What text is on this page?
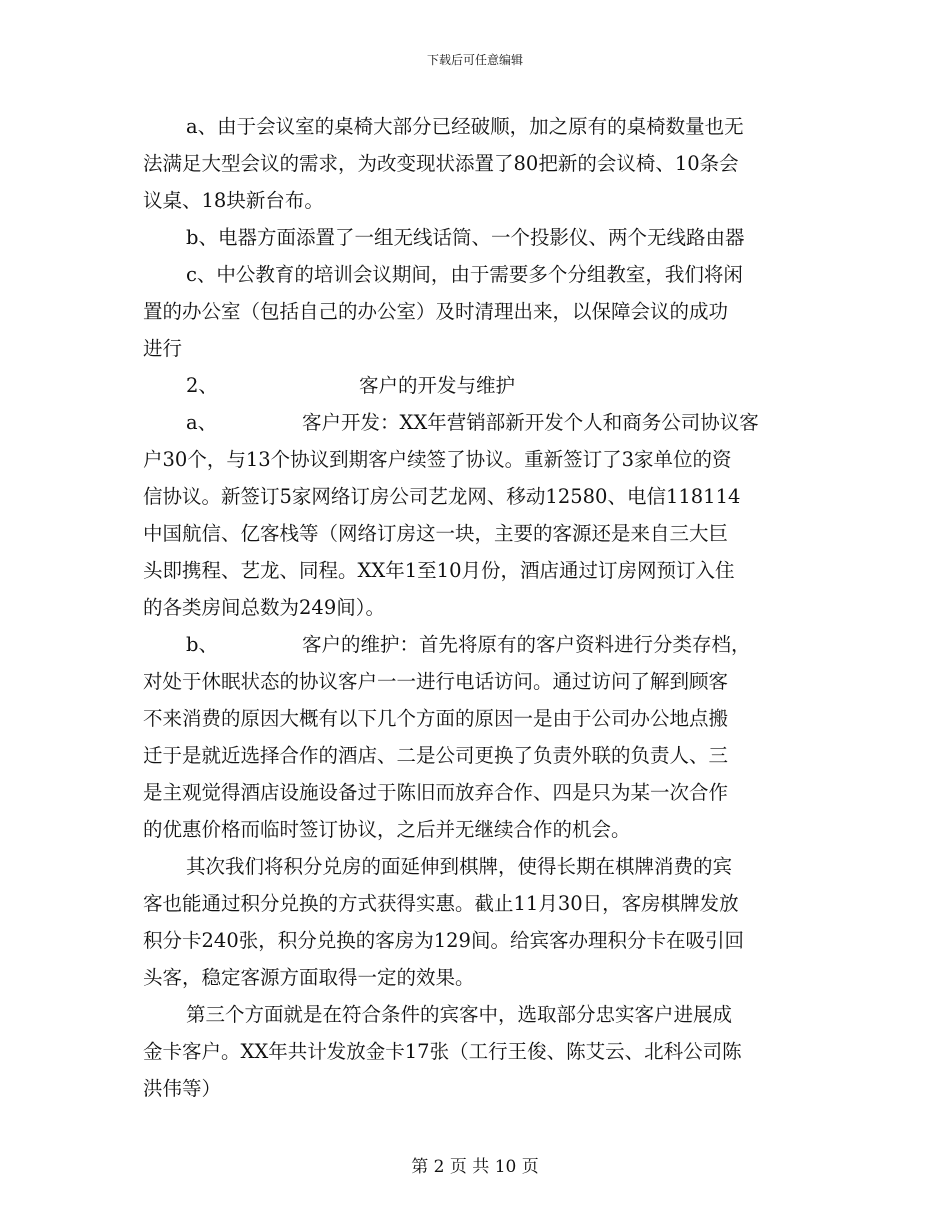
下载后可任意编辑
a、由于会议室的桌椅大部分已经破顺，加之原有的桌椅数量也无
法满足大型会议的需求，为改变现状添置了80把新的会议椅、10条会
议桌、18块新台布。
b、电器方面添置了一组无线话筒、一个投影仪、两个无线路由器
c、中公教育的培训会议期间，由于需要多个分组教室，我们将闲
置的办公室（包括自己的办公室）及时清理出来，以保障会议的成功
进行
2、	客户的开发与维护
a、	客户开发：XX年营销部新开发个人和商务公司协议客
户30个，与13个协议到期客户续签了协议。重新签订了3家单位的资
信协议。新签订5家网络订房公司艺龙网、移动12580、电信118114
中国航信、亿客栈等（网络订房这一块，主要的客源还是来自三大巨
头即携程、艺龙、同程。XX年1至10月份，酒店通过订房网预订入住
的各类房间总数为249间）。
b、	客户的维护：首先将原有的客户资料进行分类存档，
对处于休眠状态的协议客户一一进行电话访问。通过访问了解到顾客
不来消费的原因大概有以下几个方面的原因一是由于公司办公地点搬
迁于是就近选择合作的酒店、二是公司更换了负责外联的负责人、三
是主观觉得酒店设施设备过于陈旧而放弃合作、四是只为某一次合作
的优惠价格而临时签订协议，之后并无继续合作的机会。
其次我们将积分兑房的面延伸到棋牌，使得长期在棋牌消费的宾
客也能通过积分兑换的方式获得实惠。截止11月30日，客房棋牌发放
积分卡240张，积分兑换的客房为129间。给宾客办理积分卡在吸引回
头客，稳定客源方面取得一定的效果。
第三个方面就是在符合条件的宾客中，选取部分忠实客户进展成
金卡客户。XX年共计发放金卡17张（工行王俊、陈艾云、北科公司陈
洪伟等）
第 2 页 共 10 页
